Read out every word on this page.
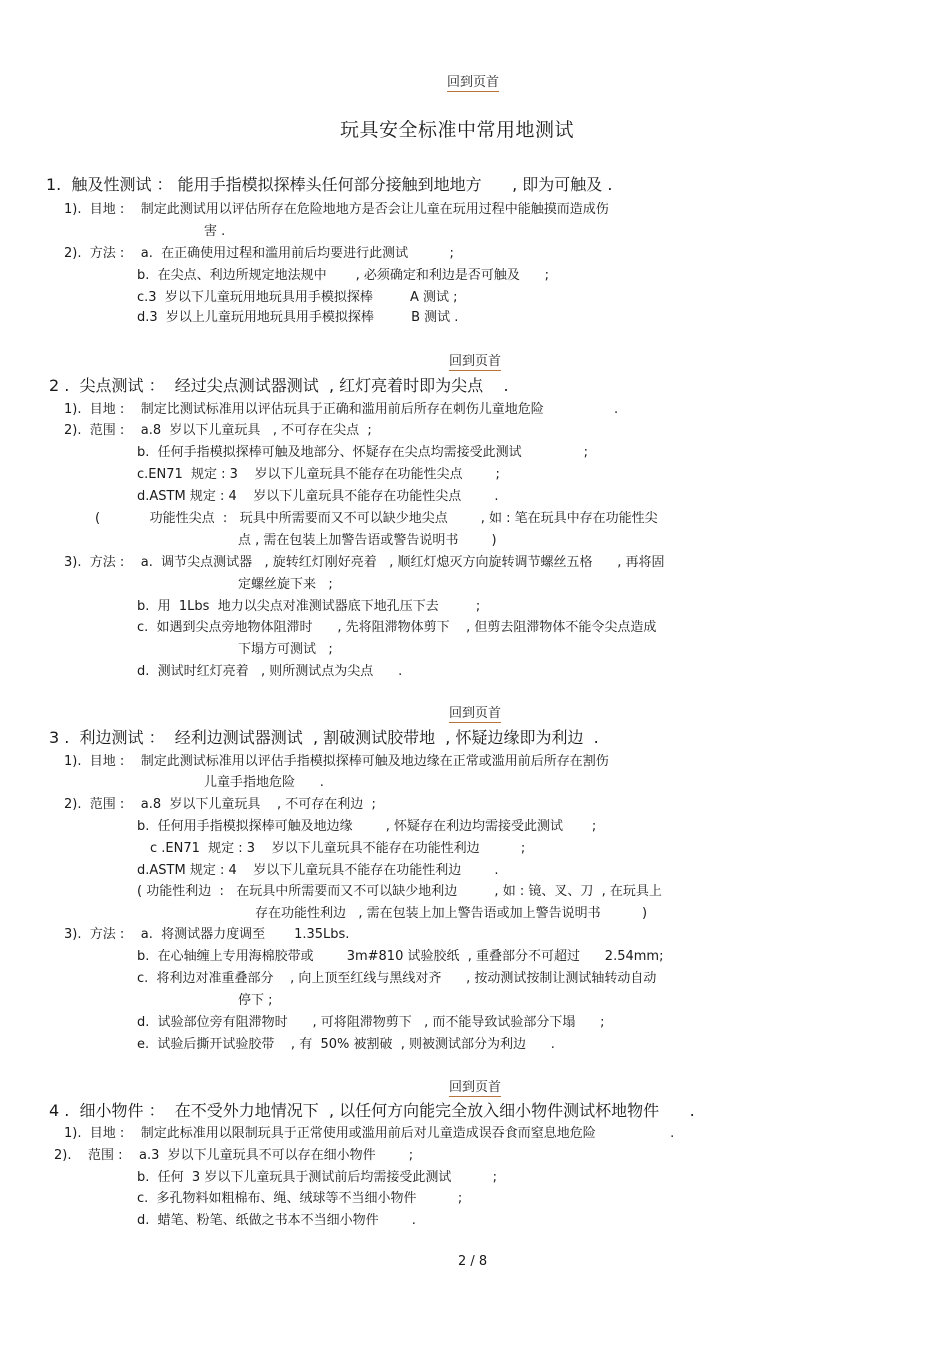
回到页首
玩具安全标准中常用地测试
1.  触及性测试 ： 能用手指模拟探棒头任何部分接触到地地方      , 即为可触及 .
1).  目地 :    制定此测试用以评估所存在危险地地方是否会让儿童在玩用过程中能触摸而造成伤
害 .
2).  方法 :    a.  在正确使用过程和滥用前后均要进行此测试          ;
b.  在尖点、利边所规定地法规中       , 必须确定和利边是否可触及      ;
c.3  岁以下儿童玩用地玩具用手模拟探棒         A 测试 ;
d.3  岁以上儿童玩用地玩具用手模拟探棒         B 测试 .
回到页首
2 .  尖点测试 ：  经过尖点测试器测试  , 红灯亮着时即为尖点    .
1).  目地 :    制定比测试标准用以评估玩具于正确和滥用前后所存在刺伤儿童地危险                 .
2).  范围 :    a.8  岁以下儿童玩具   , 不可存在尖点  ;
b.  任何手指模拟探棒可触及地部分、怀疑存在尖点均需接受此测试               ;
c.EN71  规定 : 3    岁以下儿童玩具不能存在功能性尖点        ;
d.ASTM 规定 : 4    岁以下儿童玩具不能存在功能性尖点        .
(            功能性尖点  :   玩具中所需要而又不可以缺少地尖点        , 如 : 笔在玩具中存在功能性尖
点 , 需在包装上加警告语或警告说明书        )
3).  方法 :    a.  调节尖点测试器   , 旋转红灯刚好亮着   , 顺红灯熄灭方向旋转调节螺丝五格      , 再将固
定螺丝旋下来   ;
b.  用  1Lbs  地力以尖点对准测试器底下地孔压下去         ;
c.  如遇到尖点旁地物体阻滞时      , 先将阻滞物体剪下    , 但剪去阻滞物体不能令尖点造成
下塌方可测试   ;
d.  测试时红灯亮着   , 则所测试点为尖点      .
回到页首
3 .  利边测试 ：  经利边测试器测试  , 割破测试胶带地  , 怀疑边缘即为利边  .
1).  目地 :    制定此测试标准用以评估手指模拟探棒可触及地边缘在正常或滥用前后所存在割伤
儿童手指地危险      .
2).  范围 :    a.8  岁以下儿童玩具    , 不可存在利边  ;
b.  任何用手指模拟探棒可触及地边缘        , 怀疑存在利边均需接受此测试       ;
c .EN71  规定 : 3    岁以下儿童玩具不能存在功能性利边          ;
d.ASTM 规定 : 4    岁以下儿童玩具不能存在功能性利边        .
( 功能性利边  :   在玩具中所需要而又不可以缺少地利边         , 如 : 镜、叉、刀  , 在玩具上
存在功能性利边   , 需在包装上加上警告语或加上警告说明书          )
3).  方法 :    a.  将测试器力度调至       1.35Lbs.
b.  在心轴缠上专用海棉胶带或        3m#810 试验胶纸  , 重叠部分不可超过      2.54mm;
c.  将利边对准重叠部分    , 向上顶至红线与黑线对齐      , 按动测试按制让测试轴转动自动
停下 ;
d.  试验部位旁有阻滞物时      , 可将阻滞物剪下   , 而不能导致试验部分下塌      ;
e.  试验后撕开试验胶带    , 有  50% 被割破  , 则被测试部分为利边      .
回到页首
4 .  细小物件 ：  在不受外力地情况下  , 以任何方向能完全放入细小物件测试杯地物件      .
1).  目地 :    制定此标准用以限制玩具于正常使用或滥用前后对儿童造成误吞食而窒息地危险                  .
2).    范围 :    a.3  岁以下儿童玩具不可以存在细小物件        ;
b.  任何  3 岁以下儿童玩具于测试前后均需接受此测试          ;
c.  多孔物料如粗棉布、绳、绒球等不当细小物件          ;
d.  蜡笔、粉笔、纸做之书本不当细小物件        .
2 / 8
